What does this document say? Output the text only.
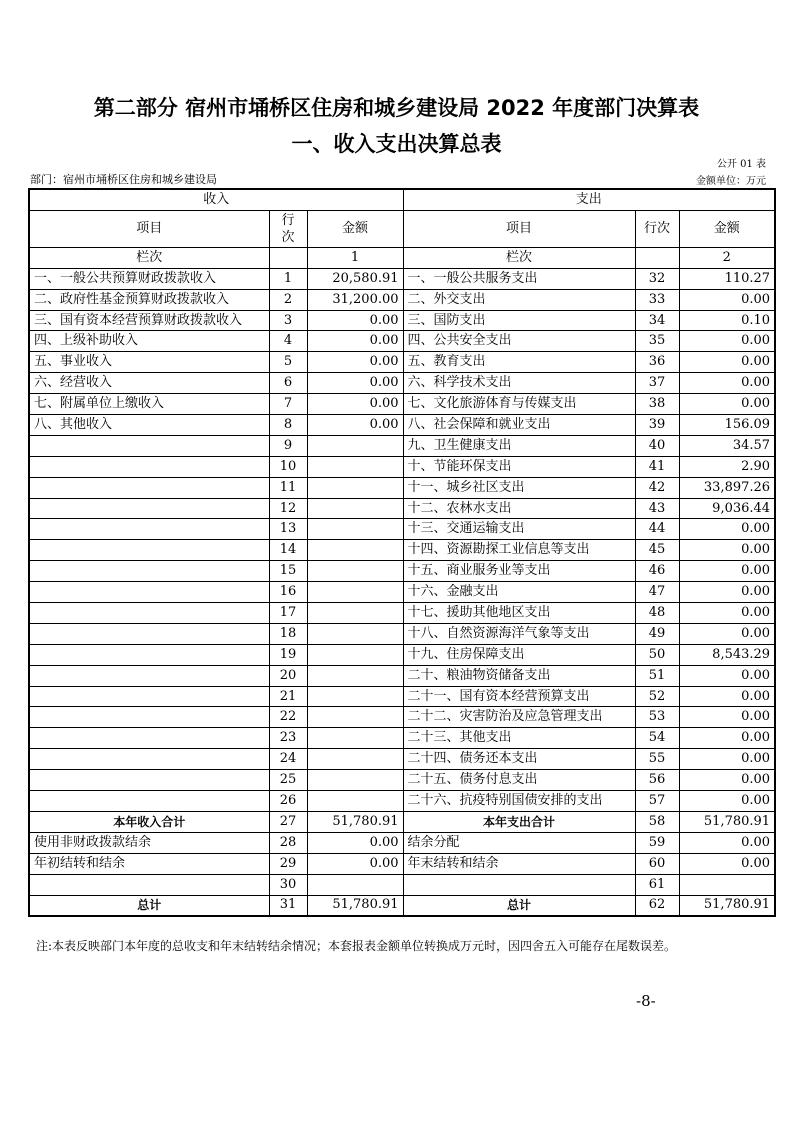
第二部分 宿州市埇桥区住房和城乡建设局 2022 年度部门决算表
一、收入支出决算总表
公开 01 表
部门：宿州市埇桥区住房和城乡建设局	金额单位：万元
收入			支出		
项目	行次	金额	项目	行次	金额
栏次		1	栏次		2
一、一般公共预算财政拨款收入	1	20,580.91	一、一般公共服务支出	32	110.27
二、政府性基金预算财政拨款收入	2	31,200.00	二、外交支出	33	0.00
三、国有资本经营预算财政拨款收入	3	0.00	三、国防支出	34	0.10
四、上级补助收入	4	0.00	四、公共安全支出	35	0.00
五、事业收入	5	0.00	五、教育支出	36	0.00
六、经营收入	6	0.00	六、科学技术支出	37	0.00
七、附属单位上缴收入	7	0.00	七、文化旅游体育与传媒支出	38	0.00
八、其他收入	8	0.00	八、社会保障和就业支出	39	156.09
	9		九、卫生健康支出	40	34.57
	10		十、节能环保支出	41	2.90
	11		十一、城乡社区支出	42	33,897.26
	12		十二、农林水支出	43	9,036.44
	13		十三、交通运输支出	44	0.00
	14		十四、资源勘探工业信息等支出	45	0.00
	15		十五、商业服务业等支出	46	0.00
	16		十六、金融支出	47	0.00
	17		十七、援助其他地区支出	48	0.00
	18		十八、自然资源海洋气象等支出	49	0.00
	19		十九、住房保障支出	50	8,543.29
	20		二十、粮油物资储备支出	51	0.00
	21		二十一、国有资本经营预算支出	52	0.00
	22		二十二、灾害防治及应急管理支出	53	0.00
	23		二十三、其他支出	54	0.00
	24		二十四、债务还本支出	55	0.00
	25		二十五、债务付息支出	56	0.00
	26		二十六、抗疫特别国债安排的支出	57	0.00
本年收入合计	27	51,780.91	本年支出合计	58	51,780.91
使用非财政拨款结余	28	0.00	结余分配	59	0.00
年初结转和结余	29	0.00	年末结转和结余	60	0.00
	30			61	
总计	31	51,780.91	总计	62	51,780.91
注:本表反映部门本年度的总收支和年末结转结余情况；本套报表金额单位转换成万元时，因四舍五入可能存在尾数误差。
-8-
